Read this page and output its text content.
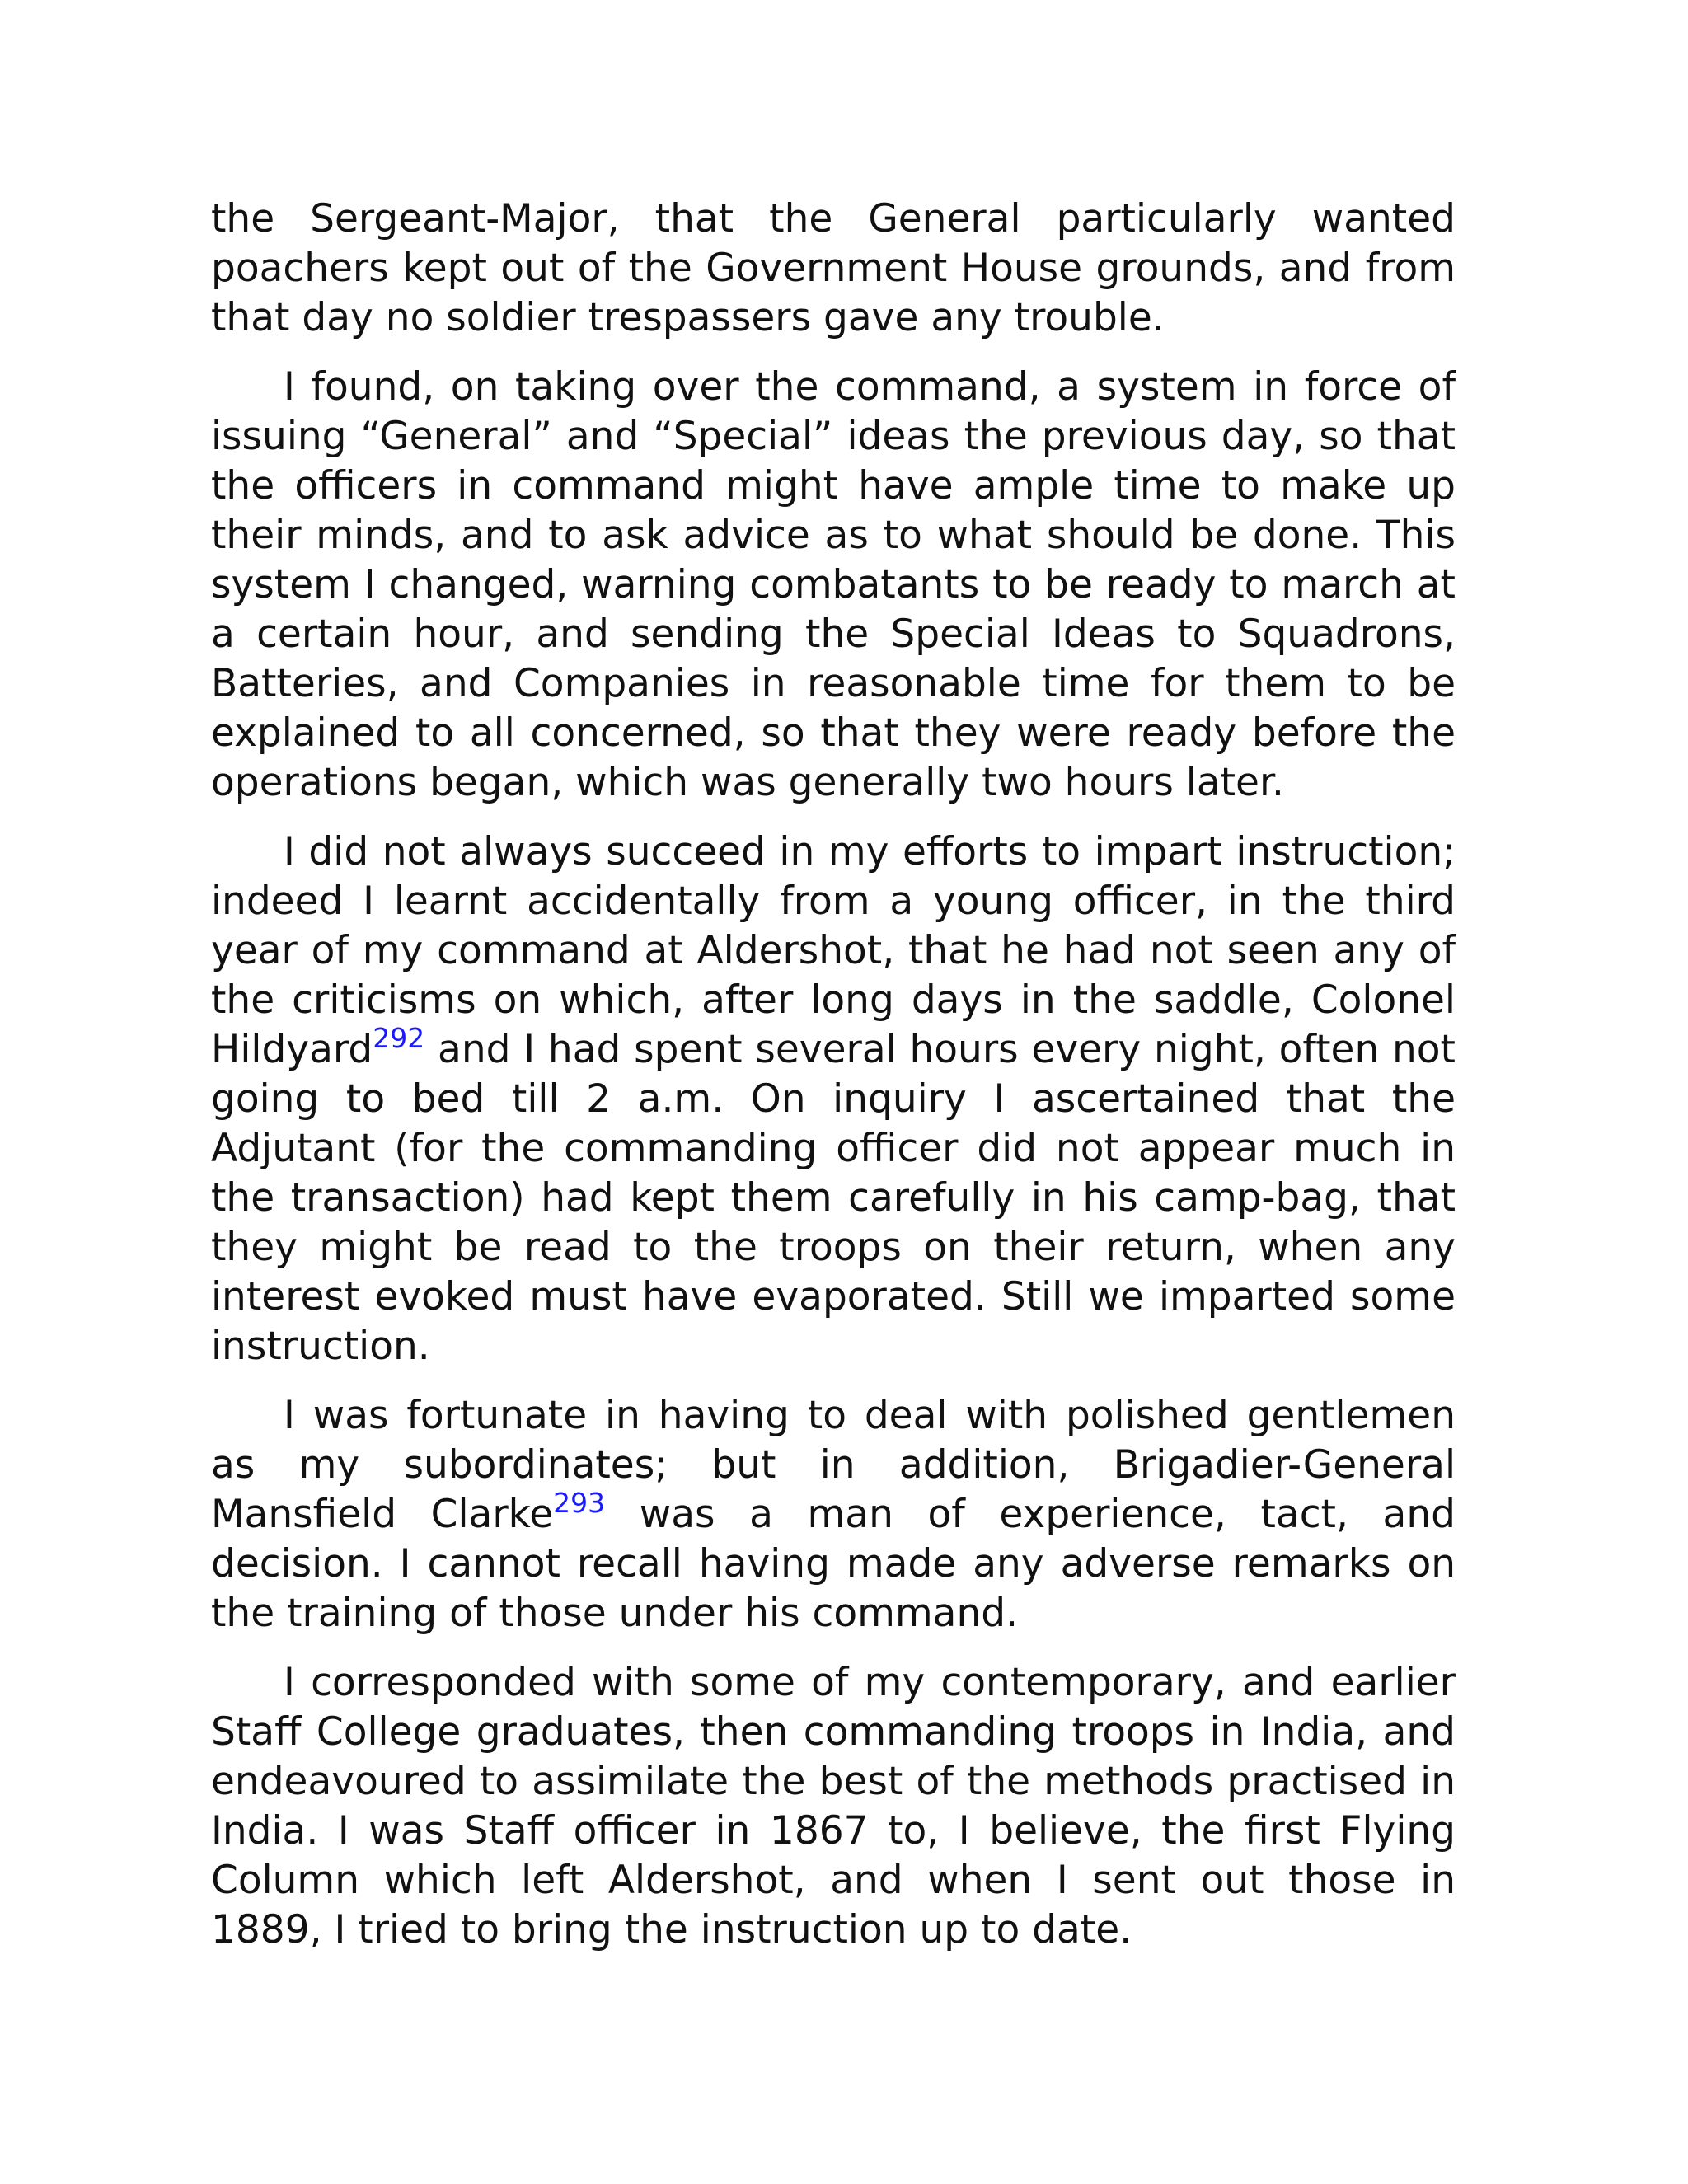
the Sergeant-Major, that the General particularly wanted poachers kept out of the Government House grounds, and from that day no soldier trespassers gave any trouble.

I found, on taking over the command, a system in force of issuing “General” and “Special” ideas the previous day, so that the officers in command might have ample time to make up their minds, and to ask advice as to what should be done. This system I changed, warning combatants to be ready to march at a certain hour, and sending the Special Ideas to Squadrons, Batteries, and Companies in reasonable time for them to be explained to all concerned, so that they were ready before the operations began, which was generally two hours later.

I did not always succeed in my efforts to impart instruction; indeed I learnt accidentally from a young officer, in the third year of my command at Aldershot, that he had not seen any of the criticisms on which, after long days in the saddle, Colonel Hildyard$^{292}$ and I had spent several hours every night, often not going to bed till 2 a.m. On inquiry I ascertained that the Adjutant (for the commanding officer did not appear much in the transaction) had kept them carefully in his camp-bag, that they might be read to the troops on their return, when any interest evoked must have evaporated. Still we imparted some instruction.

I was fortunate in having to deal with polished gentlemen as my subordinates; but in addition, Brigadier-General Mansfield Clarke$^{293}$ was a man of experience, tact, and decision. I cannot recall having made any adverse remarks on the training of those under his command.

I corresponded with some of my contemporary, and earlier Staff College graduates, then commanding troops in India, and endeavoured to assimilate the best of the methods practised in India. I was Staff officer in 1867 to, I believe, the first Flying Column which left Aldershot, and when I sent out those in 1889, I tried to bring the instruction up to date.
